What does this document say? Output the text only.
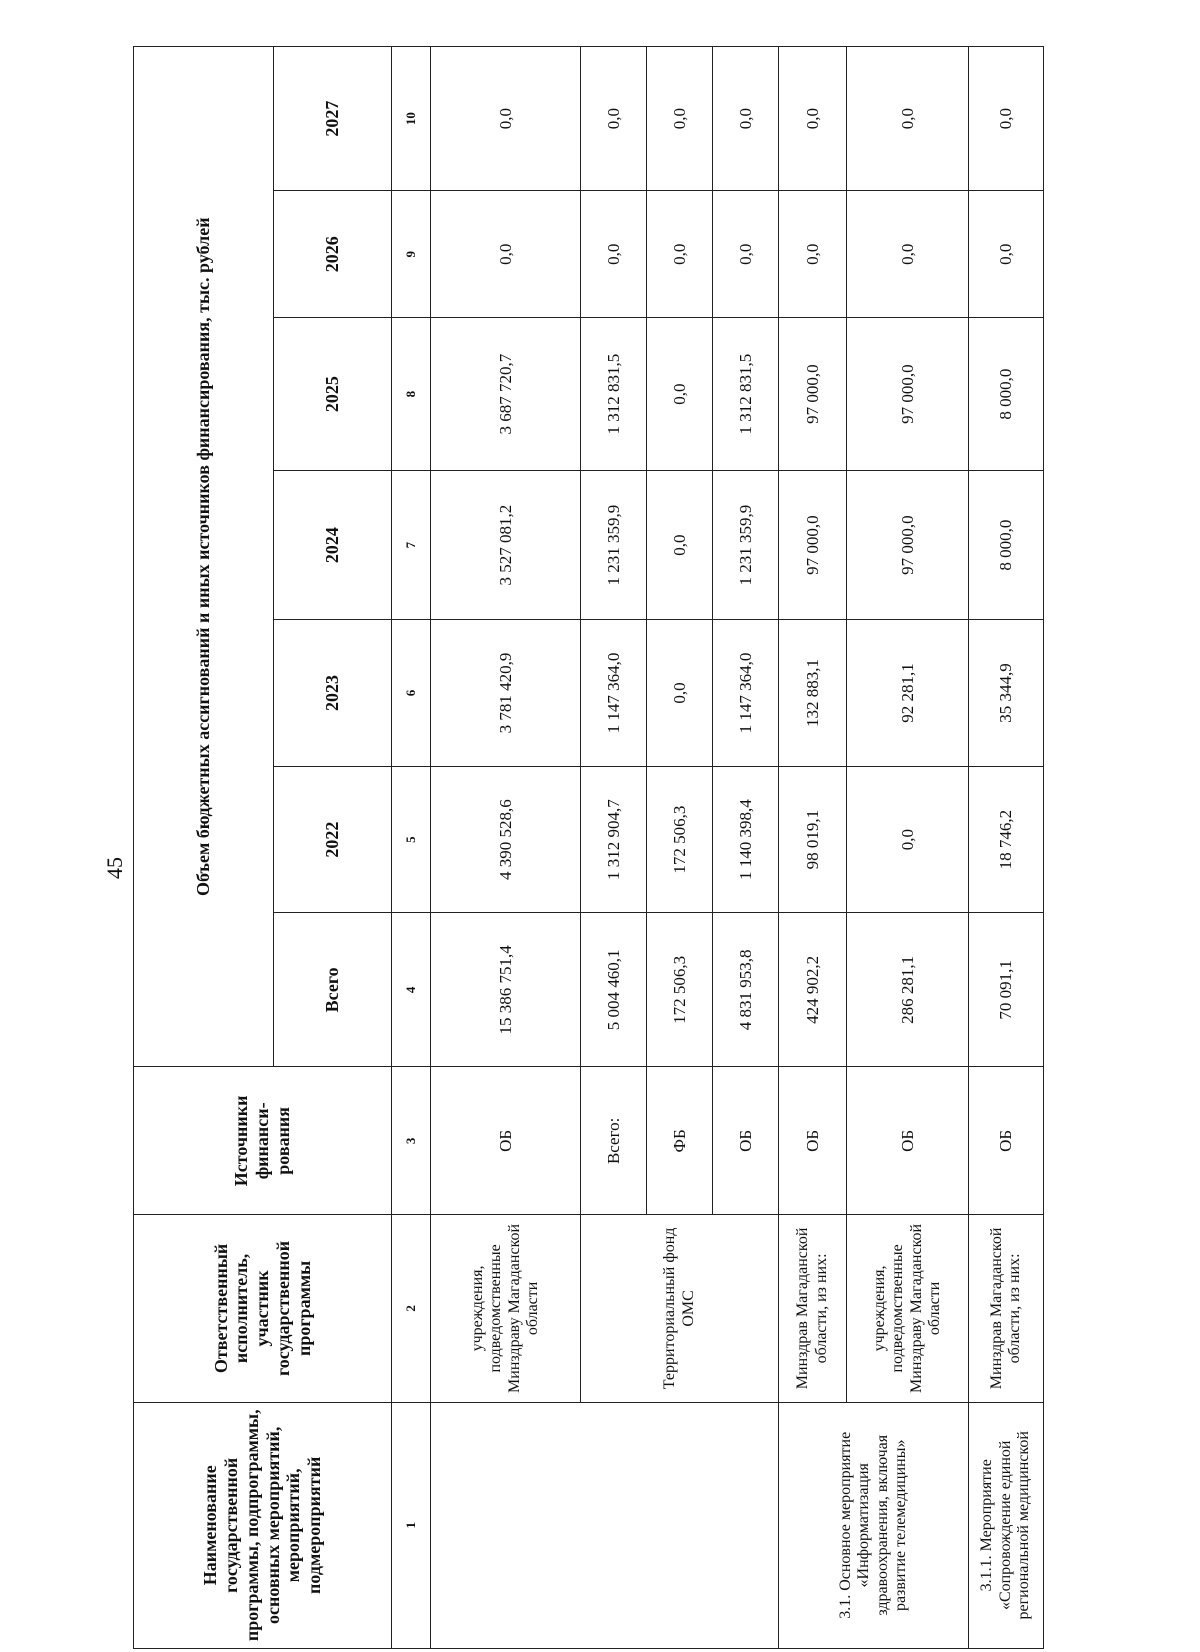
45
Наименование государственной программы, подпрограммы, основных мероприятий, мероприятий, подмероприятий	Ответственный исполнитель, участник государственной программы	Источники финанси-рования	Объем бюджетных ассигнований и иных источников финансирования, тыс. рублей						
			Всего	2022	2023	2024	2025	2026	2027
1	2	3	4	5	6	7	8	9	10
	учреждения, подведомственные Минздраву Магаданской области	ОБ	15 386 751,4	4 390 528,6	3 781 420,9	3 527 081,2	3 687 720,7	0,0	0,0
	Территориальный фонд ОМС	Всего:	5 004 460,1	1 312 904,7	1 147 364,0	1 231 359,9	1 312 831,5	0,0	0,0
		ФБ	172 506,3	172 506,3	0,0	0,0	0,0	0,0	0,0
		ОБ	4 831 953,8	1 140 398,4	1 147 364,0	1 231 359,9	1 312 831,5	0,0	0,0
3.1. Основное мероприятие «Информатизация здравоохранения, включая развитие телемедицины»	Минздрав Магаданской области, из них:	ОБ	424 902,2	98 019,1	132 883,1	97 000,0	97 000,0	0,0	0,0
	учреждения, подведомственные Минздраву Магаданской области	ОБ	286 281,1	0,0	92 281,1	97 000,0	97 000,0	0,0	0,0
3.1.1. Мероприятие «Сопровождение единой региональной медицинской	Минздрав Магаданской области, из них:	ОБ	70 091,1	18 746,2	35 344,9	8 000,0	8 000,0	0,0	0,0
